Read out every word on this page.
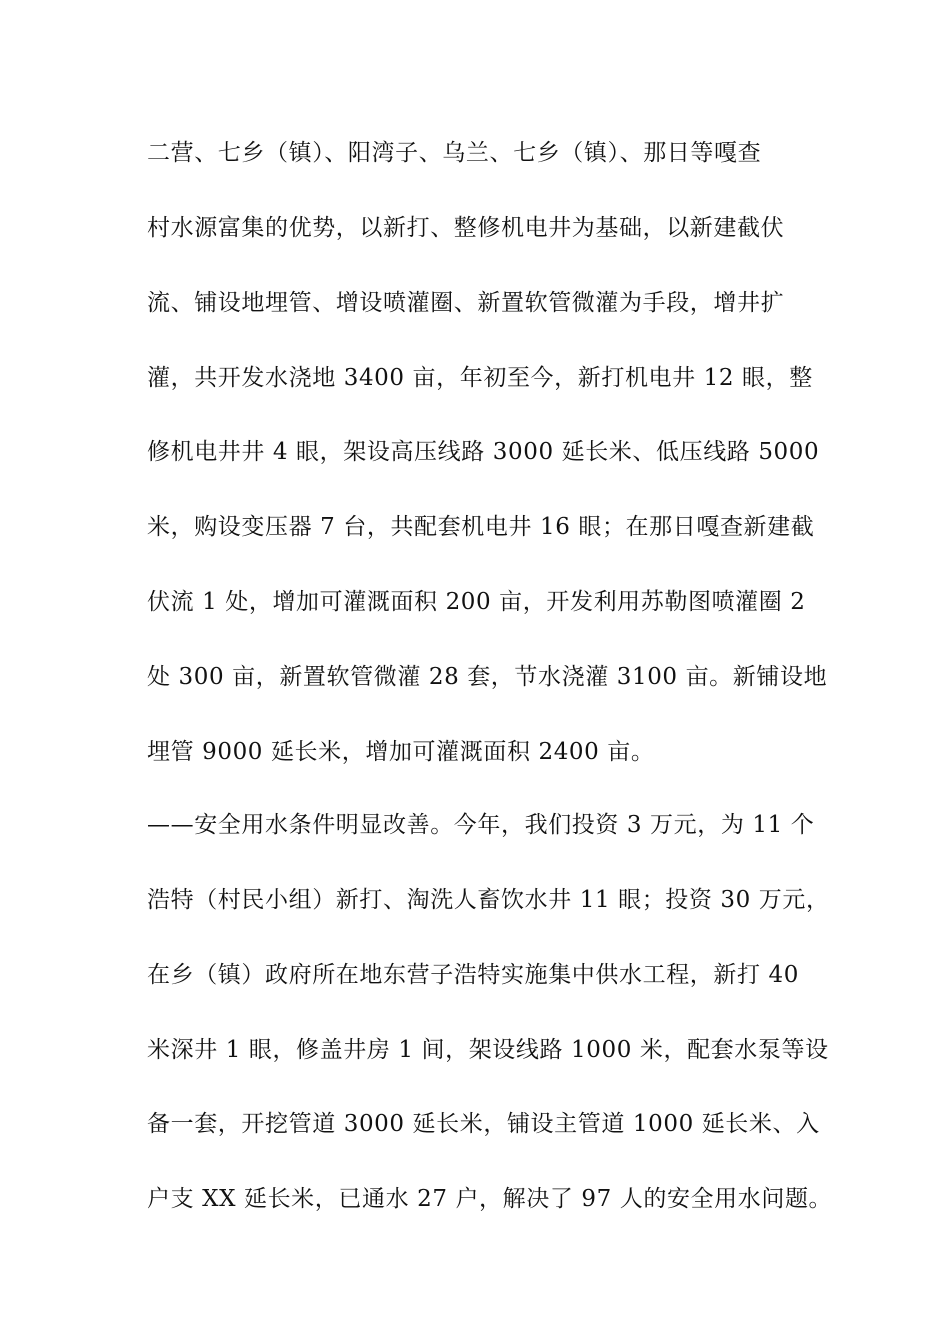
二营、七乡（镇）、阳湾子、乌兰、七乡（镇）、那日等嘎查
村水源富集的优势，以新打、整修机电井为基础，以新建截伏
流、铺设地埋管、增设喷灌圈、新置软管微灌为手段，增井扩
灌，共开发水浇地 3400 亩，年初至今，新打机电井 12 眼，整
修机电井井 4 眼，架设高压线路 3000 延长米、低压线路 5000
米，购设变压器 7 台，共配套机电井 16 眼；在那日嘎查新建截
伏流 1 处，增加可灌溉面积 200 亩，开发利用苏勒图喷灌圈 2
处 300 亩，新置软管微灌 28 套，节水浇灌 3100 亩。新铺设地
埋管 9000 延长米，增加可灌溉面积 2400 亩。
——安全用水条件明显改善。今年，我们投资 3 万元，为 11 个
浩特（村民小组）新打、淘洗人畜饮水井 11 眼；投资 30 万元，
在乡（镇）政府所在地东营子浩特实施集中供水工程，新打 40
米深井 1 眼，修盖井房 1 间，架设线路 1000 米，配套水泵等设
备一套，开挖管道 3000 延长米，铺设主管道 1000 延长米、入
户支 XX 延长米，已通水 27 户，解决了 97 人的安全用水问题。
